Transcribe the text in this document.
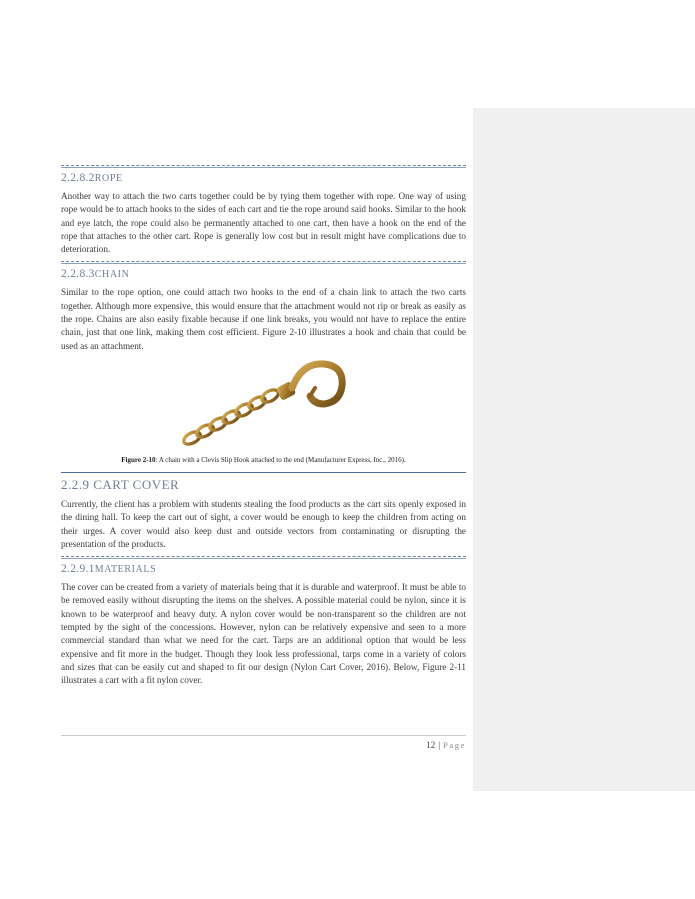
2.2.8.2ROPE

Another way to attach the two carts together could be by tying them together with rope. One way of using rope would be to attach hooks to the sides of each cart and tie the rope around said hooks. Similar to the hook and eye latch, the rope could also be permanently attached to one cart, then have a hook on the end of the rope that attaches to the other cart. Rope is generally low cost but in result might have complications due to deterioration.

2.2.8.3CHAIN

Similar to the rope option, one could attach two hooks to the end of a chain link to attach the two carts together. Although more expensive, this would ensure that the attachment would not rip or break as easily as the rope. Chains are also easily fixable because if one link breaks, you would not have to replace the entire chain, just that one link, making them cost efficient. Figure 2-10 illustrates a hook and chain that could be used as an attachment.

Figure 2-10: A chain with a Clevis Slip Hook attached to the end (Manufacturer Express, Inc., 2016).
2.2.9 CART COVER

Currently, the client has a problem with students stealing the food products as the cart sits openly exposed in the dining hall. To keep the cart out of sight, a cover would be enough to keep the children from acting on their urges. A cover would also keep dust and outside vectors from contaminating or disrupting the presentation of the products.

2.2.9.1MATERIALS

The cover can be created from a variety of materials being that it is durable and waterproof. It must be able to be removed easily without disrupting the items on the shelves. A possible material could be nylon, since it is known to be waterproof and heavy duty. A nylon cover would be non-transparent so the children are not tempted by the sight of the concessions. However, nylon can be relatively expensive and seen to a more commercial standard than what we need for the cart. Tarps are an additional option that would be less expensive and fit more in the budget. Though they look less professional, tarps come in a variety of colors and sizes that can be easily cut and shaped to fit our design (Nylon Cart Cover, 2016). Below, Figure 2-11 illustrates a cart with a fit nylon cover.

12 | Page
